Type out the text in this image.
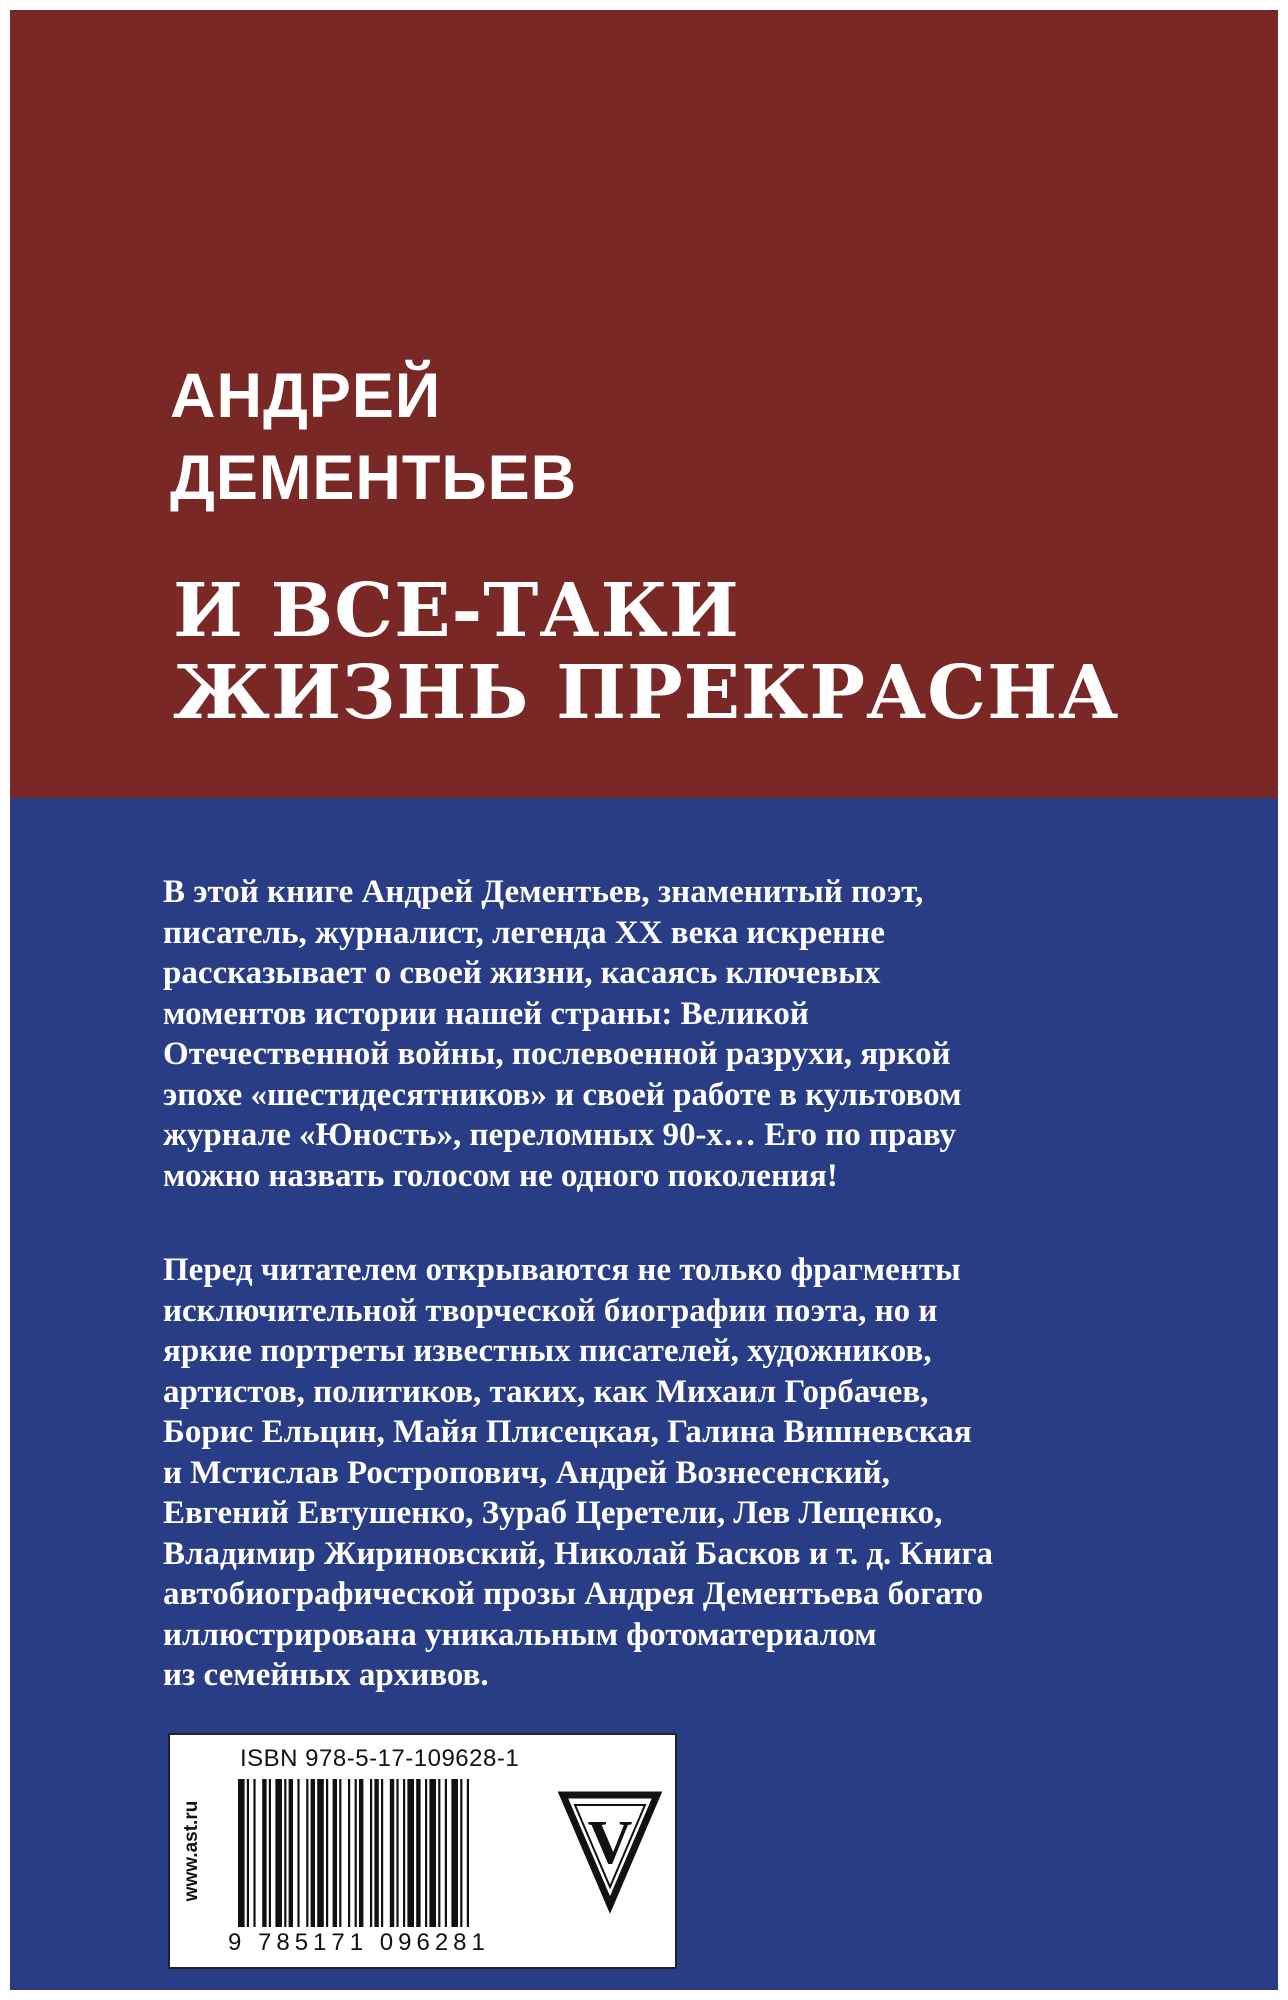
АНДРЕЙ
ДЕМЕНТЬЕВ
И ВСЕ-ТАКИ
ЖИЗНЬ ПРЕКРАСНА

В этой книге Андрей Дементьев, знаменитый поэт,
писатель, журналист, легенда XX века искренне
рассказывает о своей жизни, касаясь ключевых
моментов истории нашей страны: Великой
Отечественной войны, послевоенной разрухи, яркой
эпохе «шестидесятников» и своей работе в культовом
журнале «Юность», переломных 90-х… Его по праву
можно назвать голосом не одного поколения!

Перед читателем открываются не только фрагменты
исключительной творческой биографии поэта, но и
яркие портреты известных писателей, художников,
артистов, политиков, таких, как Михаил Горбачев,
Борис Ельцин, Майя Плисецкая, Галина Вишневская
и Мстислав Ростропович, Андрей Вознесенский,
Евгений Евтушенко, Зураб Церетели, Лев Лещенко,
Владимир Жириновский, Николай Басков и т. д. Книга
автобиографической прозы Андрея Дементьева богато
иллюстрирована уникальным фотоматериалом
из семейных архивов.

www.ast.ru
ISBN 978-5-17-109628-1
9 785171 096281
V
